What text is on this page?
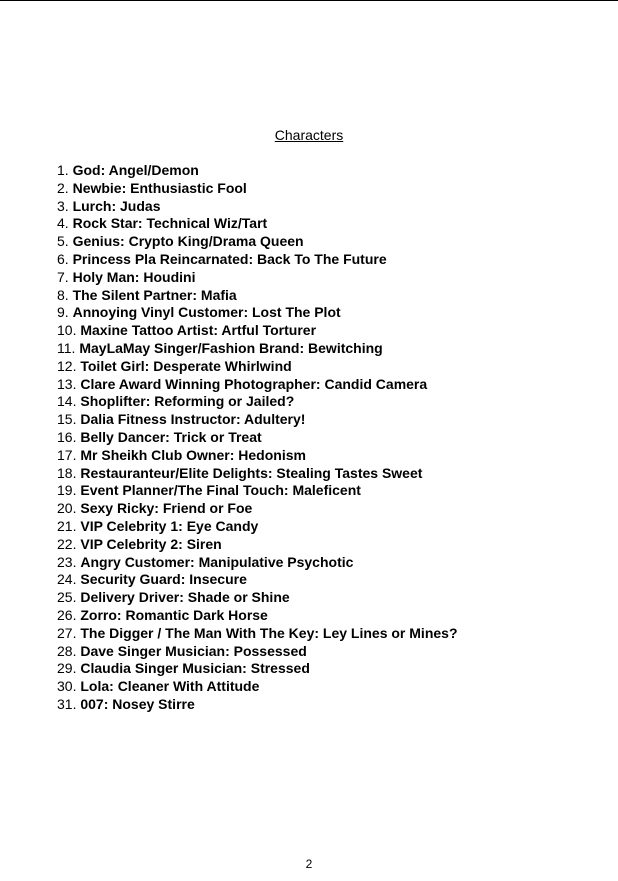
Characters
1. God: Angel/Demon
2. Newbie: Enthusiastic Fool
3. Lurch: Judas
4. Rock Star: Technical Wiz/Tart
5. Genius: Crypto King/Drama Queen
6. Princess Pla Reincarnated: Back To The Future
7. Holy Man: Houdini
8. The Silent Partner: Mafia
9. Annoying Vinyl Customer: Lost The Plot
10. Maxine Tattoo Artist: Artful Torturer
11. MayLaMay Singer/Fashion Brand: Bewitching
12. Toilet Girl: Desperate Whirlwind
13. Clare Award Winning Photographer: Candid Camera
14. Shoplifter: Reforming or Jailed?
15. Dalia Fitness Instructor: Adultery!
16. Belly Dancer: Trick or Treat
17. Mr Sheikh Club Owner: Hedonism
18. Restauranteur/Elite Delights: Stealing Tastes Sweet
19. Event Planner/The Final Touch: Maleficent
20. Sexy Ricky: Friend or Foe
21. VIP Celebrity 1: Eye Candy
22. VIP Celebrity 2: Siren
23. Angry Customer: Manipulative Psychotic
24. Security Guard: Insecure
25. Delivery Driver: Shade or Shine
26. Zorro: Romantic Dark Horse
27. The Digger / The Man With The Key: Ley Lines or Mines?
28. Dave Singer Musician: Possessed
29. Claudia Singer Musician: Stressed
30. Lola: Cleaner With Attitude
31. 007: Nosey Stirre
2
